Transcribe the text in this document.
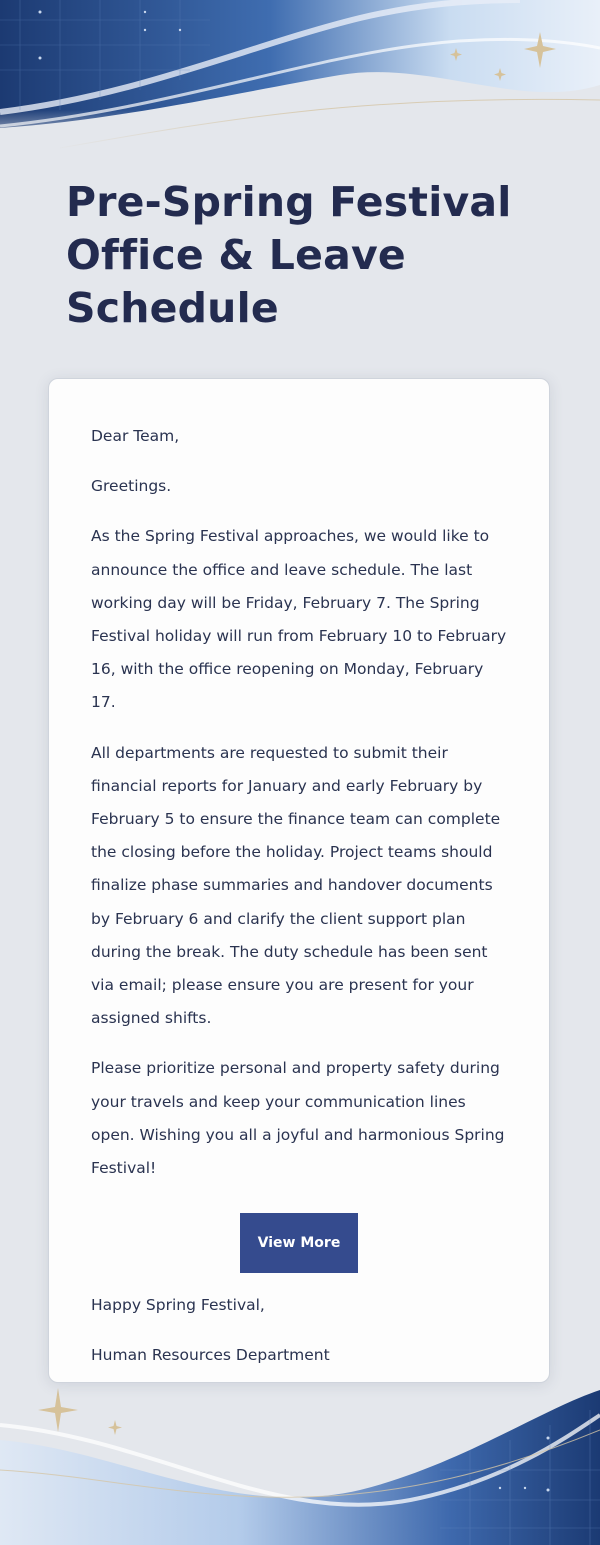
Pre-Spring Festival Office & Leave Schedule

Dear Team,

Greetings.

As the Spring Festival approaches, we would like to announce the office and leave schedule. The last working day will be Friday, February 7. The Spring Festival holiday will run from February 10 to February 16, with the office reopening on Monday, February 17.

All departments are requested to submit their financial reports for January and early February by February 5 to ensure the finance team can complete the closing before the holiday. Project teams should finalize phase summaries and handover documents by February 6 and clarify the client support plan during the break. The duty schedule has been sent via email; please ensure you are present for your assigned shifts.

Please prioritize personal and property safety during your travels and keep your communication lines open. Wishing you all a joyful and harmonious Spring Festival!

View More

Happy Spring Festival,

Human Resources Department
